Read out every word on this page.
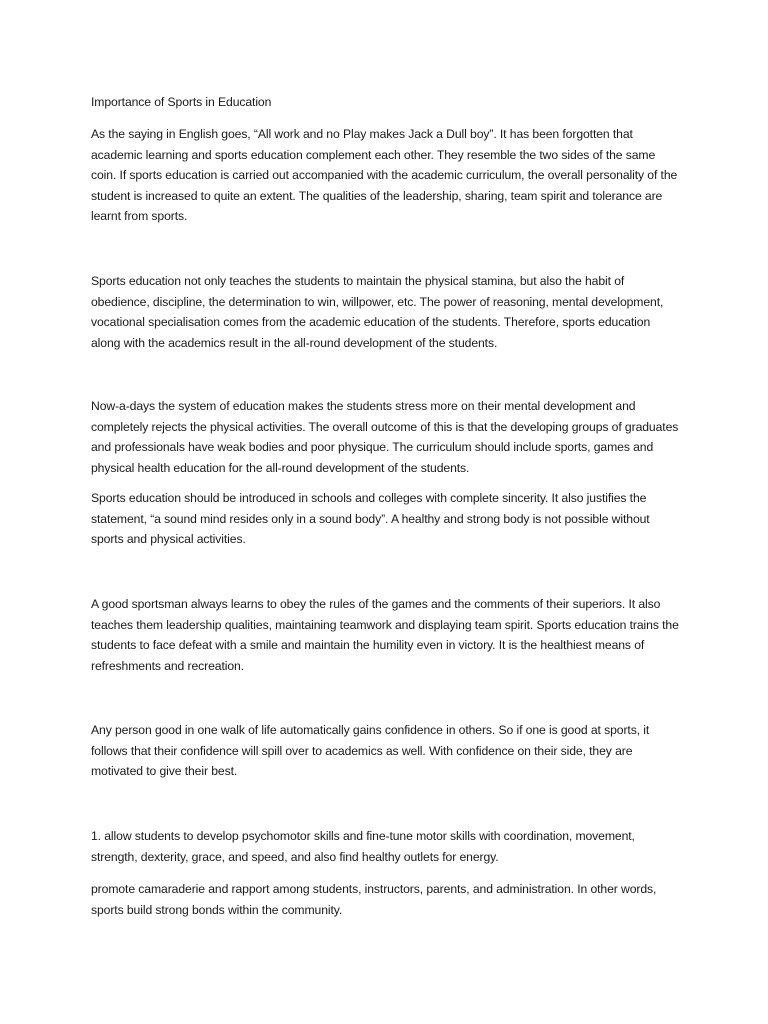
Importance of Sports in Education

As the saying in English goes, “All work and no Play makes Jack a Dull boy”. It has been forgotten that academic learning and sports education complement each other. They resemble the two sides of the same coin. If sports education is carried out accompanied with the academic curriculum, the overall personality of the student is increased to quite an extent. The qualities of the leadership, sharing, team spirit and tolerance are learnt from sports.

Sports education not only teaches the students to maintain the physical stamina, but also the habit of obedience, discipline, the determination to win, willpower, etc. The power of reasoning, mental development, vocational specialisation comes from the academic education of the students. Therefore, sports education along with the academics result in the all-round development of the students.

Now-a-days the system of education makes the students stress more on their mental development and completely rejects the physical activities. The overall outcome of this is that the developing groups of graduates and professionals have weak bodies and poor physique. The curriculum should include sports, games and physical health education for the all-round development of the students.

Sports education should be introduced in schools and colleges with complete sincerity. It also justifies the statement, “a sound mind resides only in a sound body”. A healthy and strong body is not possible without sports and physical activities.

A good sportsman always learns to obey the rules of the games and the comments of their superiors. It also teaches them leadership qualities, maintaining teamwork and displaying team spirit. Sports education trains the students to face defeat with a smile and maintain the humility even in victory. It is the healthiest means of refreshments and recreation.

Any person good in one walk of life automatically gains confidence in others. So if one is good at sports, it follows that their confidence will spill over to academics as well. With confidence on their side, they are motivated to give their best.

1. allow students to develop psychomotor skills and fine-tune motor skills with coordination, movement, strength, dexterity, grace, and speed, and also find healthy outlets for energy.

promote camaraderie and rapport among students, instructors, parents, and administration. In other words, sports build strong bonds within the community.
